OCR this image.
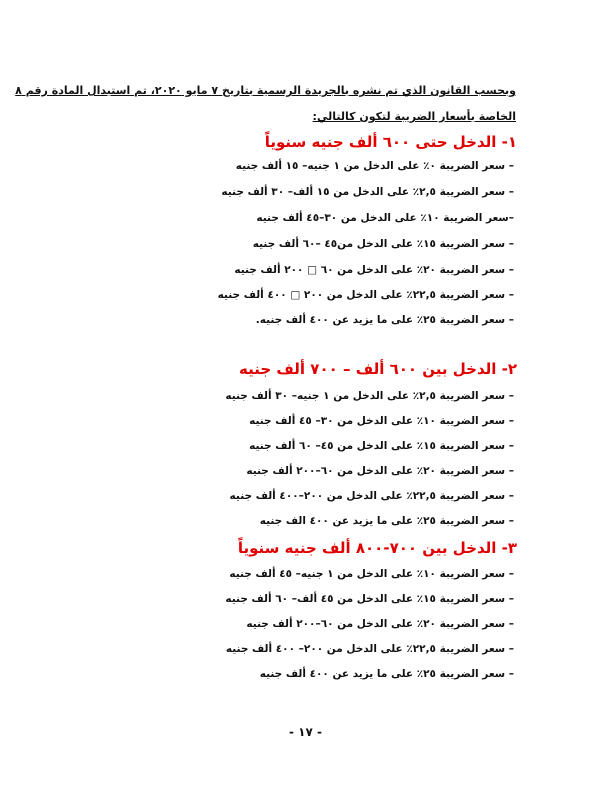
وبحسب القانون الذي تم نشره بالجريدة الرسمية بتاريخ ٧ مايو ٢٠٢٠، تم استبدال المادة رقم ٨
الخاصة بأسعار الضريبة لتكون كالتالي:
١- الدخل حتى ٦٠٠ ألف جنيه سنوياً
– سعر الضريبة ٠٪ على الدخل من ١ جنيه– ١٥ ألف جنيه
– سعر الضريبة ٢,٥٪ على الدخل من ١٥ ألف– ٣٠ ألف جنيه
–سعر الضريبة ١٠٪ على الدخل من ٣٠–٤٥ ألف جنيه
– سعر الضريبة ١٥٪ على الدخل من٤٥ –٦٠ ألف جنيه
– سعر الضريبة ٢٠٪ على الدخل من ٦٠ □ ٢٠٠ ألف جنيه
– سعر الضريبة ٢٢,٥٪ على الدخل من ٢٠٠ □ ٤٠٠ ألف جنيه
– سعر الضريبة ٢٥٪ على ما يزيد عن ٤٠٠ ألف جنيه.
٢- الدخل بين ٦٠٠ ألف – ٧٠٠ ألف جنيه
– سعر الضريبة ٢,٥٪ على الدخل من ١ جنيه– ٣٠ ألف جنيه
– سعر الضريبة ١٠٪ على الدخل من ٣٠– ٤٥ ألف جنيه
– سعر الضريبة ١٥٪ على الدخل من ٤٥– ٦٠ ألف جنيه
– سعر الضريبة ٢٠٪ على الدخل من ٦٠–٢٠٠ ألف جنيه
– سعر الضريبة ٢٢,٥٪ على الدخل من ٢٠٠–٤٠٠ ألف جنيه
– سعر الضريبة ٢٥٪ على ما يزيد عن ٤٠٠ الف جنيه
٣- الدخل بين ٧٠٠-٨٠٠ ألف جنيه سنوياً
– سعر الضريبة ١٠٪ على الدخل من ١ جنيه– ٤٥ ألف جنيه
– سعر الضريبة ١٥٪ على الدخل من ٤٥ ألف– ٦٠ ألف جنيه
– سعر الضريبة ٢٠٪ على الدخل من ٦٠–٢٠٠ ألف جنيه
– سعر الضريبة ٢٢,٥٪ على الدخل من ٢٠٠– ٤٠٠ ألف جنيه
– سعر الضريبة ٢٥٪ على ما يزيد عن ٤٠٠ ألف جنيه
- ١٧ -
